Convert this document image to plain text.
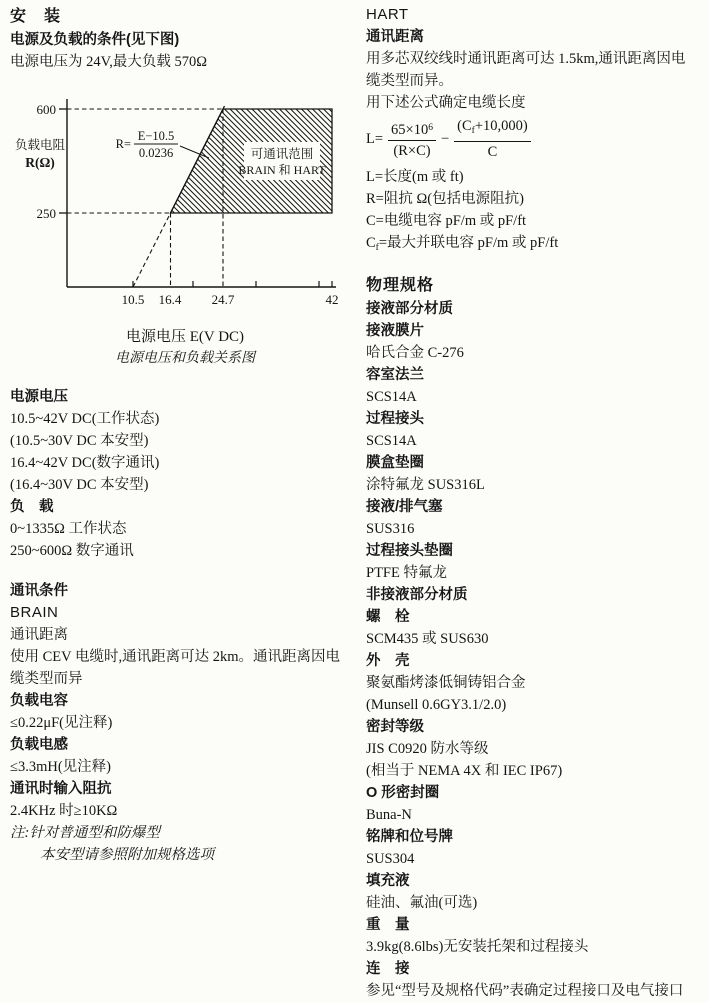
安　装
电源及负载的条件(见下图)
电源电压为 24V,最大负载 570Ω
600
250
10.5 16.4 24.7	42
负载电阻
R(Ω)
R=
E−10.5
0.0236	可通讯范围
BRAIN 和 HART
电源电压 E(V DC)
电源电压和负载关系图
电源电压
10.5~42V DC(工作状态)
(10.5~30V DC 本安型)
16.4~42V DC(数字通讯)
(16.4~30V DC 本安型)
负　载
0~1335Ω 工作状态
250~600Ω 数字通讯
通讯条件
BRAIN
通讯距离
使用 CEV 电缆时,通讯距离可达 2km。通讯距离因电
缆类型而异
负载电容
≤0.22μF(见注释)
负载电感
≤3.3mH(见注释)
通讯时输入阻抗
2.4KHz 时≥10KΩ
注:针对普通型和防爆型
本安型请参照附加规格选项
HART
通讯距离
用多芯双绞线时通讯距离可达 1.5km,通讯距离因电
缆类型而异。
用下述公式确定电缆长度
$L= \frac{65\times 10^6}{(R\times C)} - \frac{(C_f+10,000)}{C}$
L=长度(m 或 ft)
R=阻抗 Ω(包括电源阻抗)
C=电缆电容 pF/m 或 pF/ft
$C_f=$最大并联电容 pF/m 或 pF/ft
物理规格
接液部分材质
接液膜片
哈氏合金 C-276
容室法兰
SCS14A
过程接头
SCS14A
膜盒垫圈
涂特氟龙 SUS316L
接液/排气塞
SUS316
过程接头垫圈
PTFE 特氟龙
非接液部分材质
螺　栓
SCM435 或 SUS630
外　壳
聚氨酯烤漆低铜铸铝合金
(Munsell 0.6GY3.1/2.0)
密封等级
JIS C0920 防水等级
(相当于 NEMA 4X 和 IEC IP67)
O 形密封圈
Buna-N
铭牌和位号牌
SUS304
填充液
硅油、氟油(可选)
重　量
3.9kg(8.6lbs)无安装托架和过程接头
连　接
参见“型号及规格代码”表确定过程接口及电气接口
